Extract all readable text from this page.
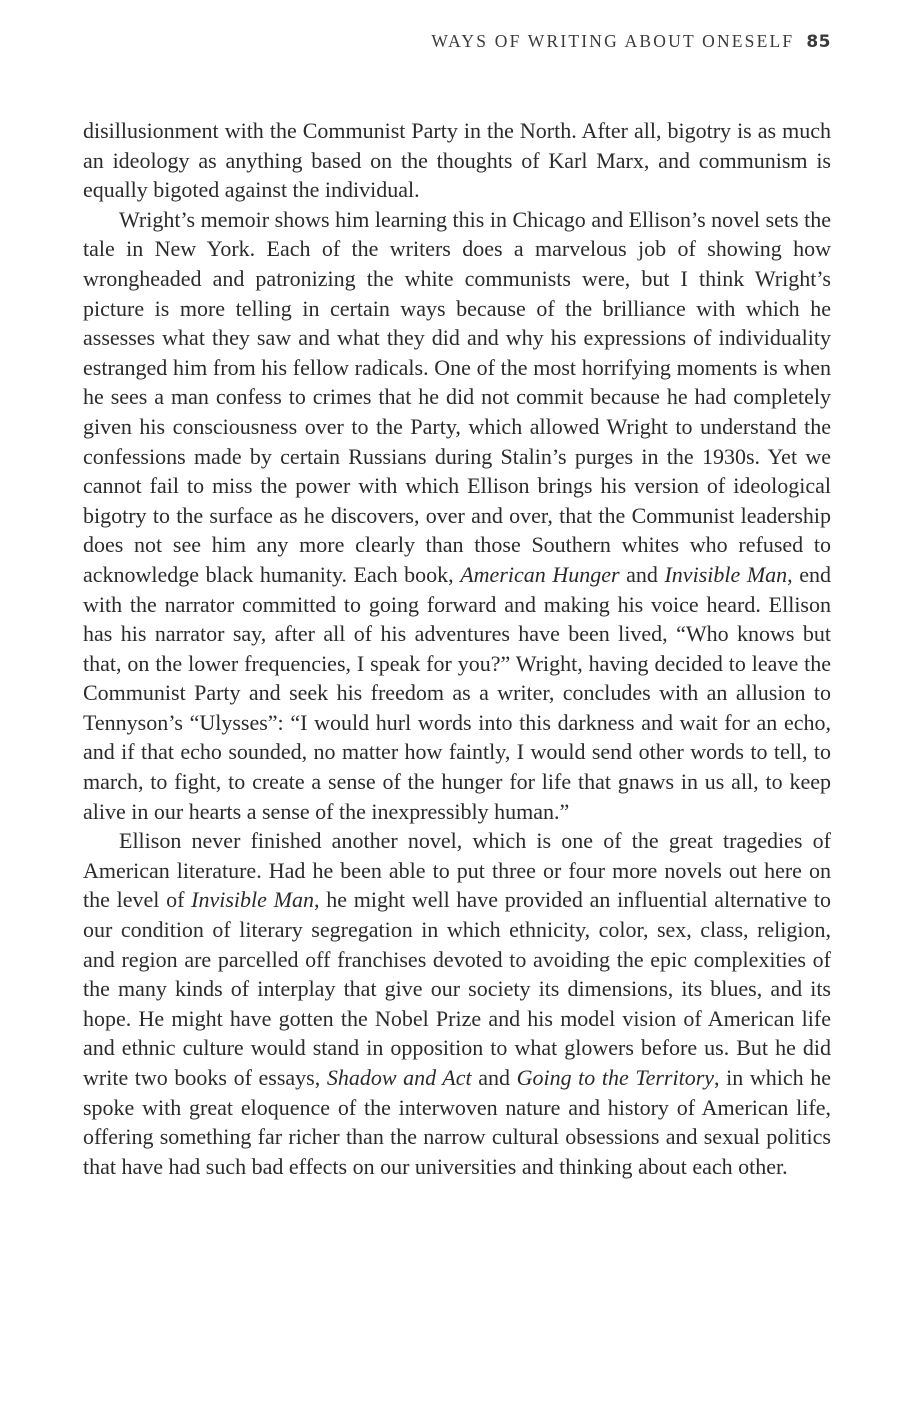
WAYS OF WRITING ABOUT ONESELF 85

disillusionment with the Communist Party in the North. After all, bigotry is as much an ideology as anything based on the thoughts of Karl Marx, and communism is equally bigoted against the individual.

Wright’s memoir shows him learning this in Chicago and Ellison’s novel sets the tale in New York. Each of the writers does a marvelous job of showing how wrongheaded and patronizing the white communists were, but I think Wright’s picture is more telling in certain ways because of the brilliance with which he assesses what they saw and what they did and why his expressions of individuality estranged him from his fellow radicals. One of the most horrifying moments is when he sees a man confess to crimes that he did not commit because he had completely given his consciousness over to the Party, which allowed Wright to understand the confessions made by certain Russians during Stalin’s purges in the 1930s. Yet we cannot fail to miss the power with which Ellison brings his version of ideological bigotry to the surface as he discovers, over and over, that the Communist leadership does not see him any more clearly than those Southern whites who refused to acknowledge black humanity. Each book, American Hunger and Invisible Man, end with the narrator committed to going forward and making his voice heard. Ellison has his narrator say, after all of his adventures have been lived, “Who knows but that, on the lower frequencies, I speak for you?” Wright, having decided to leave the Communist Party and seek his freedom as a writer, concludes with an allusion to Tennyson’s “Ulysses”: “I would hurl words into this darkness and wait for an echo, and if that echo sounded, no matter how faintly, I would send other words to tell, to march, to fight, to create a sense of the hunger for life that gnaws in us all, to keep alive in our hearts a sense of the inexpressibly human.”

Ellison never finished another novel, which is one of the great tragedies of American literature. Had he been able to put three or four more novels out here on the level of Invisible Man, he might well have provided an influential alternative to our condition of literary segregation in which ethnicity, color, sex, class, religion, and region are parcelled off franchises devoted to avoiding the epic complexities of the many kinds of interplay that give our society its dimensions, its blues, and its hope. He might have gotten the Nobel Prize and his model vision of American life and ethnic culture would stand in opposition to what glowers before us. But he did write two books of essays, Shadow and Act and Going to the Territory, in which he spoke with great eloquence of the interwoven nature and history of American life, offering something far richer than the narrow cultural obsessions and sexual politics that have had such bad effects on our universities and thinking about each other.
